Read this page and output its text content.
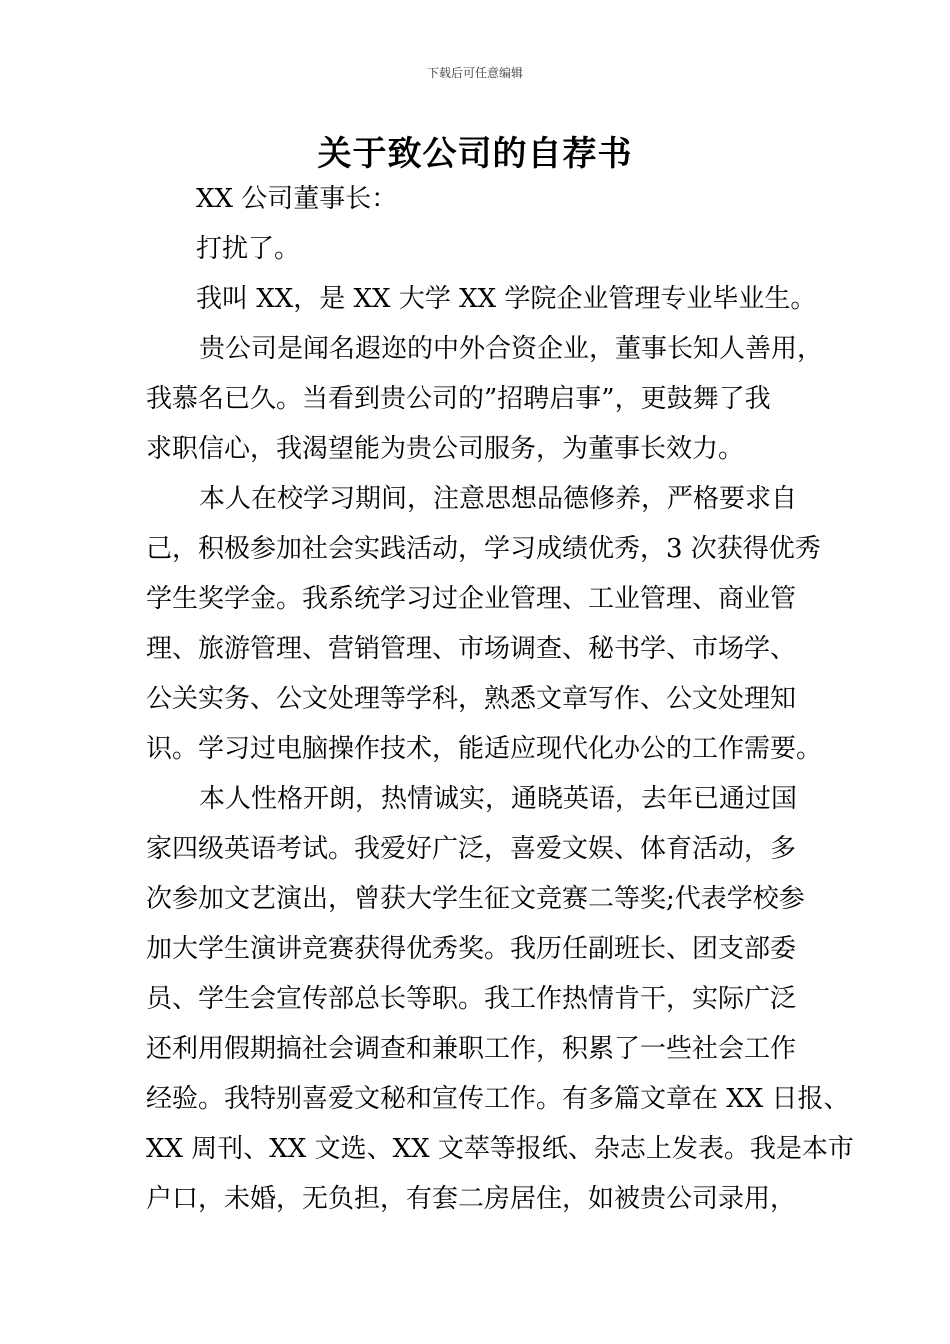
下载后可任意编辑
关于致公司的自荐书
XX 公司董事长：
打扰了。
我叫 XX，是 XX 大学 XX 学院企业管理专业毕业生。
贵公司是闻名遐迩的中外合资企业，董事长知人善用，
我慕名已久。当看到贵公司的”招聘启事”，更鼓舞了我
求职信心，我渴望能为贵公司服务，为董事长效力。
本人在校学习期间，注意思想品德修养，严格要求自
己，积极参加社会实践活动，学习成绩优秀，3 次获得优秀
学生奖学金。我系统学习过企业管理、工业管理、商业管
理、旅游管理、营销管理、市场调查、秘书学、市场学、
公关实务、公文处理等学科，熟悉文章写作、公文处理知
识。学习过电脑操作技术，能适应现代化办公的工作需要。
本人性格开朗，热情诚实，通晓英语，去年已通过国
家四级英语考试。我爱好广泛，喜爱文娱、体育活动，多
次参加文艺演出，曾获大学生征文竞赛二等奖;代表学校参
加大学生演讲竞赛获得优秀奖。我历任副班长、团支部委
员、学生会宣传部总长等职。我工作热情肯干，实际广泛
还利用假期搞社会调查和兼职工作，积累了一些社会工作
经验。我特别喜爱文秘和宣传工作。有多篇文章在 XX 日报、
XX 周刊、XX 文选、XX 文萃等报纸、杂志上发表。我是本市
户口，未婚，无负担，有套二房居住，如被贵公司录用，
